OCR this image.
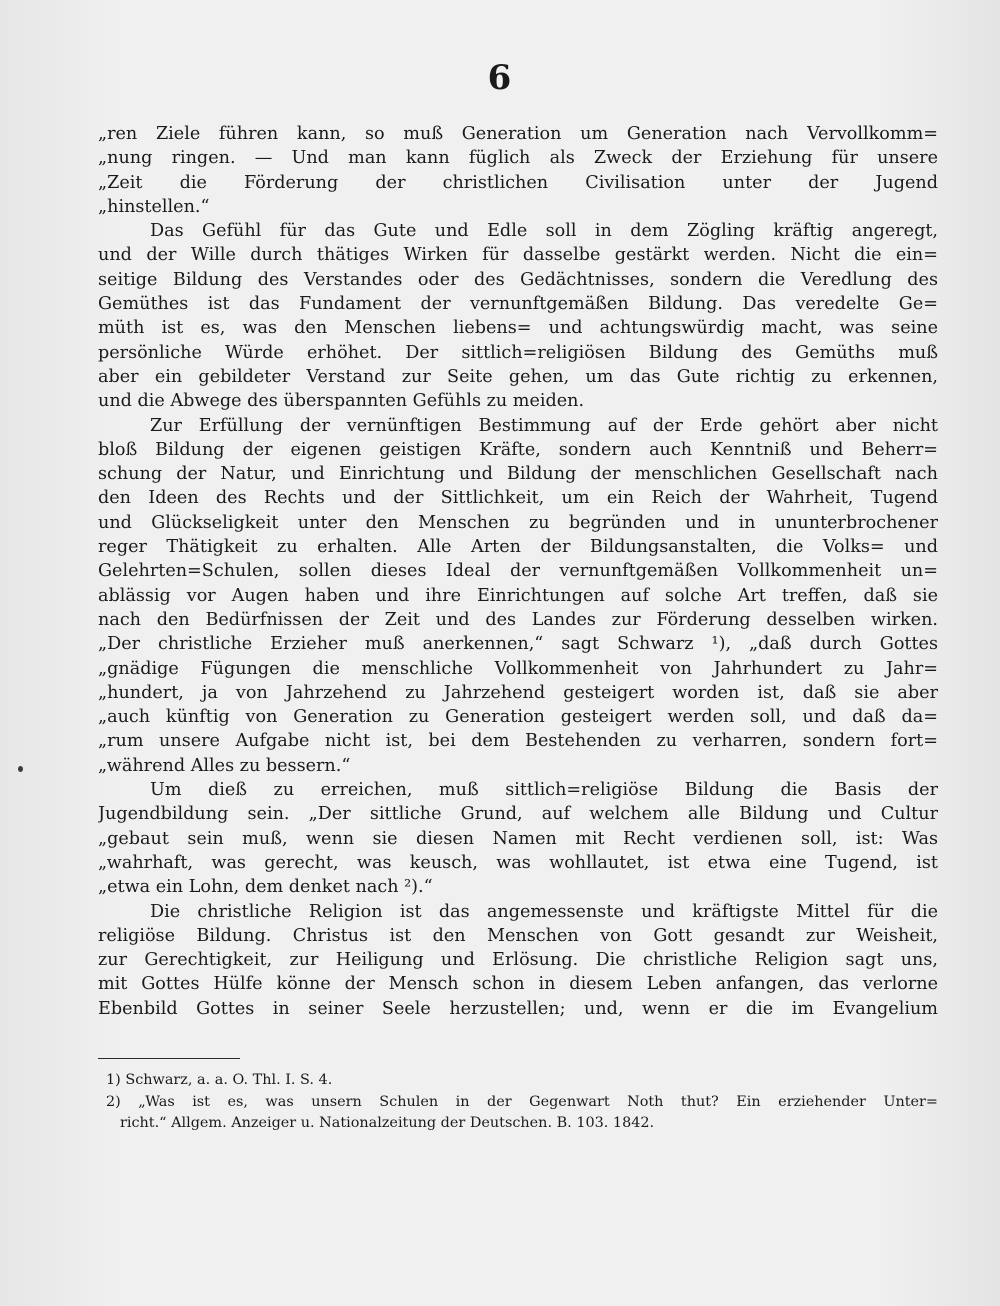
6
„ren Ziele führen kann, so muß Generation um Generation nach Vervollkomm=
„nung ringen. — Und man kann füglich als Zweck der Erziehung für unsere
„Zeit die Förderung der christlichen Civilisation unter der Jugend
„hinstellen.“
Das Gefühl für das Gute und Edle soll in dem Zögling kräftig angeregt,
und der Wille durch thätiges Wirken für dasselbe gestärkt werden. Nicht die ein=
seitige Bildung des Verstandes oder des Gedächtnisses, sondern die Veredlung des
Gemüthes ist das Fundament der vernunftgemäßen Bildung. Das veredelte Ge=
müth ist es, was den Menschen liebens= und achtungswürdig macht, was seine
persönliche Würde erhöhet. Der sittlich=religiösen Bildung des Gemüths muß
aber ein gebildeter Verstand zur Seite gehen, um das Gute richtig zu erkennen,
und die Abwege des überspannten Gefühls zu meiden.
Zur Erfüllung der vernünftigen Bestimmung auf der Erde gehört aber nicht
bloß Bildung der eigenen geistigen Kräfte, sondern auch Kenntniß und Beherr=
schung der Natur, und Einrichtung und Bildung der menschlichen Gesellschaft nach
den Ideen des Rechts und der Sittlichkeit, um ein Reich der Wahrheit, Tugend
und Glückseligkeit unter den Menschen zu begründen und in ununterbrochener
reger Thätigkeit zu erhalten. Alle Arten der Bildungsanstalten, die Volks= und
Gelehrten=Schulen, sollen dieses Ideal der vernunftgemäßen Vollkommenheit un=
ablässig vor Augen haben und ihre Einrichtungen auf solche Art treffen, daß sie
nach den Bedürfnissen der Zeit und des Landes zur Förderung desselben wirken.
„Der christliche Erzieher muß anerkennen,“ sagt Schwarz ¹), „daß durch Gottes
„gnädige Fügungen die menschliche Vollkommenheit von Jahrhundert zu Jahr=
„hundert, ja von Jahrzehend zu Jahrzehend gesteigert worden ist, daß sie aber
„auch künftig von Generation zu Generation gesteigert werden soll, und daß da=
„rum unsere Aufgabe nicht ist, bei dem Bestehenden zu verharren, sondern fort=
„während Alles zu bessern.“
Um dieß zu erreichen, muß sittlich=religiöse Bildung die Basis der
Jugendbildung sein. „Der sittliche Grund, auf welchem alle Bildung und Cultur
„gebaut sein muß, wenn sie diesen Namen mit Recht verdienen soll, ist: Was
„wahrhaft, was gerecht, was keusch, was wohllautet, ist etwa eine Tugend, ist
„etwa ein Lohn, dem denket nach ²).“
Die christliche Religion ist das angemessenste und kräftigste Mittel für die
religiöse Bildung. Christus ist den Menschen von Gott gesandt zur Weisheit,
zur Gerechtigkeit, zur Heiligung und Erlösung. Die christliche Religion sagt uns,
mit Gottes Hülfe könne der Mensch schon in diesem Leben anfangen, das verlorne
Ebenbild Gottes in seiner Seele herzustellen; und, wenn er die im Evangelium
1) Schwarz, a. a. O. Thl. I. S. 4.
2) „Was ist es, was unsern Schulen in der Gegenwart Noth thut? Ein erziehender Unter=
richt.“ Allgem. Anzeiger u. Nationalzeitung der Deutschen. B. 103. 1842.
